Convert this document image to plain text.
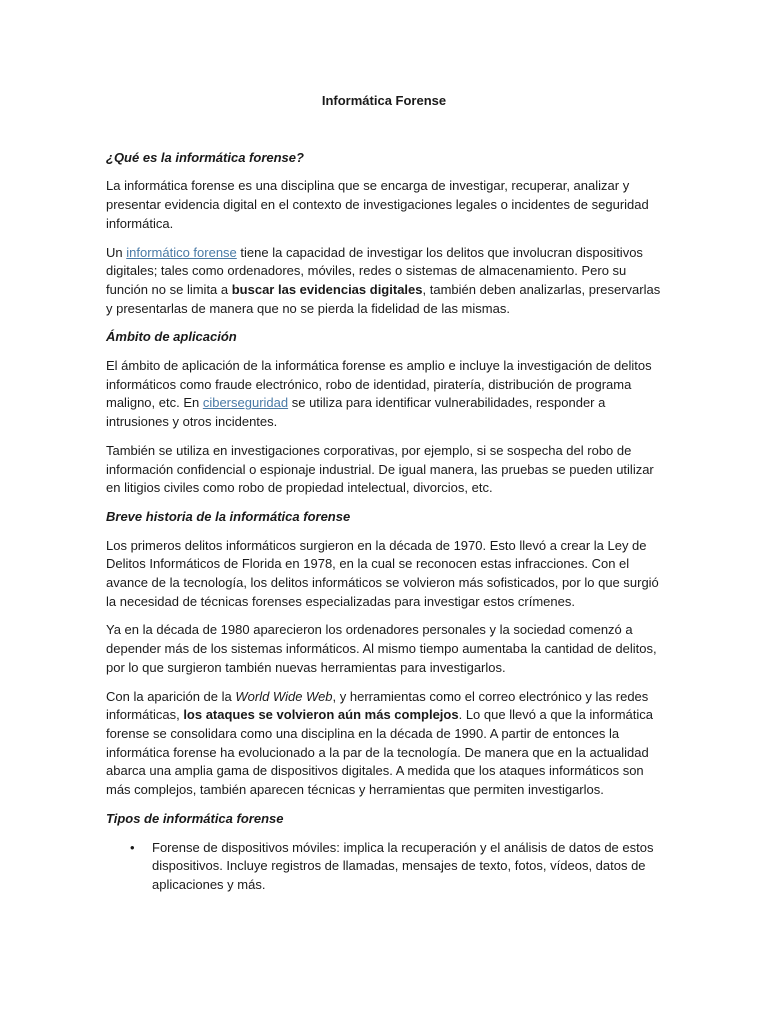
Informática Forense
¿Qué es la informática forense?

La informática forense es una disciplina que se encarga de investigar, recuperar, analizar y presentar evidencia digital en el contexto de investigaciones legales o incidentes de seguridad informática.

Un informático forense tiene la capacidad de investigar los delitos que involucran dispositivos digitales; tales como ordenadores, móviles, redes o sistemas de almacenamiento. Pero su función no se limita a buscar las evidencias digitales, también deben analizarlas, preservarlas y presentarlas de manera que no se pierda la fidelidad de las mismas.

Ámbito de aplicación

El ámbito de aplicación de la informática forense es amplio e incluye la investigación de delitos informáticos como fraude electrónico, robo de identidad, piratería, distribución de programa maligno, etc. En ciberseguridad se utiliza para identificar vulnerabilidades, responder a intrusiones y otros incidentes.

También se utiliza en investigaciones corporativas, por ejemplo, si se sospecha del robo de información confidencial o espionaje industrial. De igual manera, las pruebas se pueden utilizar en litigios civiles como robo de propiedad intelectual, divorcios, etc.

Breve historia de la informática forense

Los primeros delitos informáticos surgieron en la década de 1970. Esto llevó a crear la Ley de Delitos Informáticos de Florida en 1978, en la cual se reconocen estas infracciones. Con el avance de la tecnología, los delitos informáticos se volvieron más sofisticados, por lo que surgió la necesidad de técnicas forenses especializadas para investigar estos crímenes.

Ya en la década de 1980 aparecieron los ordenadores personales y la sociedad comenzó a depender más de los sistemas informáticos. Al mismo tiempo aumentaba la cantidad de delitos, por lo que surgieron también nuevas herramientas para investigarlos.

Con la aparición de la World Wide Web, y herramientas como el correo electrónico y las redes informáticas, los ataques se volvieron aún más complejos. Lo que llevó a que la informática forense se consolidara como una disciplina en la década de 1990. A partir de entonces la informática forense ha evolucionado a la par de la tecnología. De manera que en la actualidad abarca una amplia gama de dispositivos digitales. A medida que los ataques informáticos son más complejos, también aparecen técnicas y herramientas que permiten investigarlos.

Tipos de informática forense
• Forense de dispositivos móviles: implica la recuperación y el análisis de datos de estos dispositivos. Incluye registros de llamadas, mensajes de texto, fotos, vídeos, datos de aplicaciones y más.
